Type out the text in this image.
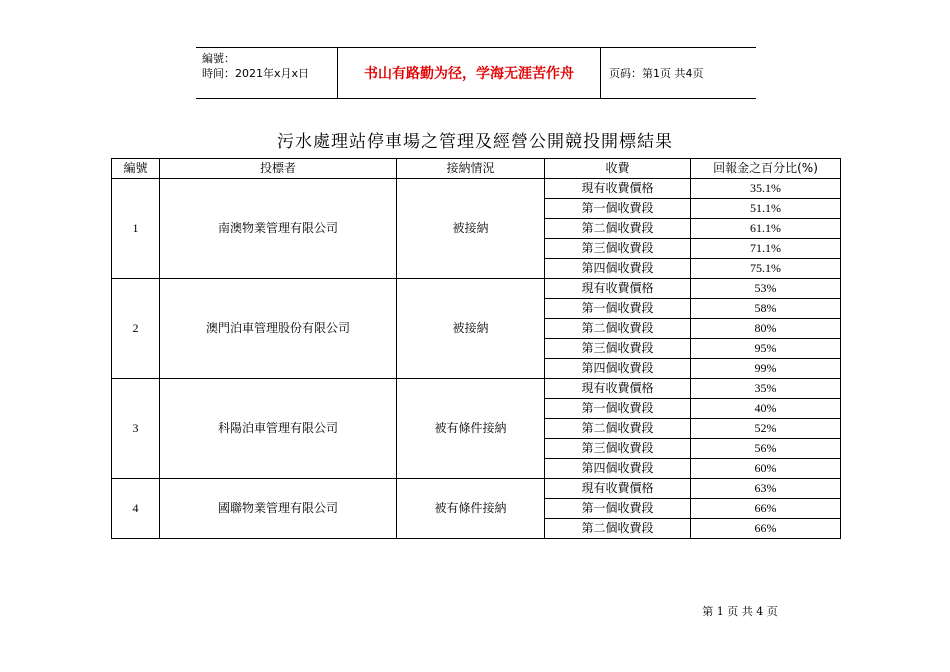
編號：
時间：2021年x月x日	书山有路勤为径，学海无涯苦作舟	页码：第1页 共4页
污水處理站停車場之管理及經營公開競投開標結果
編號	投標者	接納情況	收費	回報金之百分比(%)
1	南澳物業管理有限公司	被接納	現有收費價格	35.1%
			第一個收費段	51.1%
			第二個收費段	61.1%
			第三個收費段	71.1%
			第四個收費段	75.1%
2	澳門泊車管理股份有限公司	被接納	現有收費價格	53%
			第一個收費段	58%
			第二個收費段	80%
			第三個收費段	95%
			第四個收費段	99%
3	科陽泊車管理有限公司	被有條件接納	現有收費價格	35%
			第一個收費段	40%
			第二個收費段	52%
			第三個收費段	56%
			第四個收費段	60%
4	國聯物業管理有限公司	被有條件接納	現有收費價格	63%
			第一個收費段	66%
			第二個收費段	66%
第 1 页 共 4 页
